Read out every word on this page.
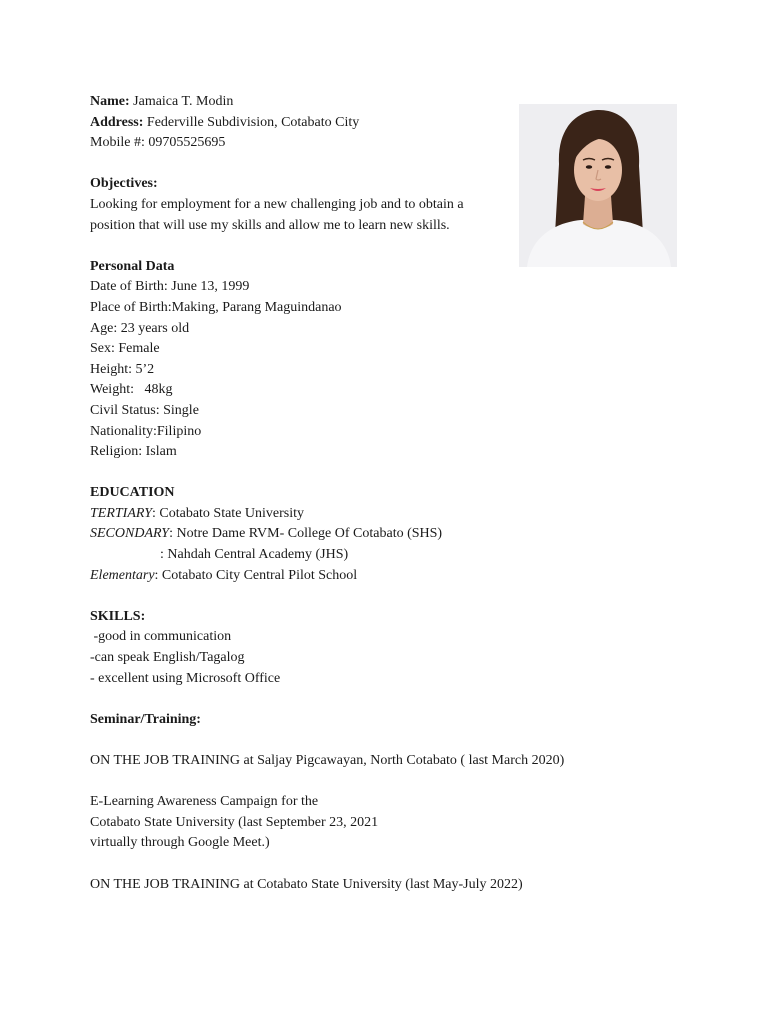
Name: Jamaica T. Modin
Address: Federville Subdivision, Cotabato City
Mobile #: 09705525695
Objectives:
Looking for employment for a new challenging job and to obtain a
position that will use my skills and allow me to learn new skills.
Personal Data
Date of Birth: June 13, 1999
Place of Birth:Making, Parang Maguindanao
Age: 23 years old
Sex: Female
Height: 5’2
Weight:   48kg
Civil Status: Single
Nationality:Filipino
Religion: Islam
EDUCATION
TERTIARY: Cotabato State University
SECONDARY: Notre Dame RVM- College Of Cotabato (SHS)
: Nahdah Central Academy (JHS)
Elementary: Cotabato City Central Pilot School
SKILLS:
-good in communication
-can speak English/Tagalog
- excellent using Microsoft Office
Seminar/Training:
ON THE JOB TRAINING at Saljay Pigcawayan, North Cotabato ( last March 2020)
E-Learning Awareness Campaign for the
Cotabato State University (last September 23, 2021
virtually through Google Meet.)
ON THE JOB TRAINING at Cotabato State University (last May-July 2022)
